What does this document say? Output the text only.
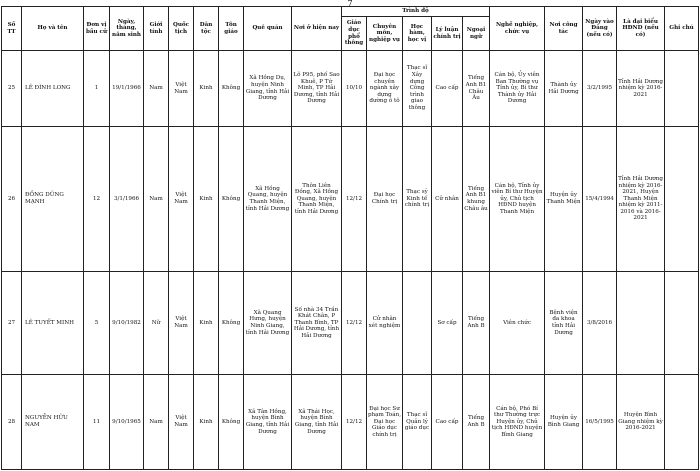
7
Số TT	Họ và tên	Đơn vị bầu cử	Ngày, tháng, năm sinh	Giới tính	Quốc tịch	Dân tộc	Tôn giáo	Quê quán	Nơi ở hiện nay	Trình độ					Nghề nghiệp, chức vụ	Nơi công tác	Ngày vào Đảng (nếu có)	Là đại biểu HĐND (nếu có)	Ghi chú
										Giáo dục phổ thông	Chuyên môn, nghiệp vụ	Học hàm, học vị	Lý luận chính trị	Ngoại ngữ					
25	LÊ ĐÌNH LONG	1	19/1/1966	Nam	Việt Nam	Kinh	Không	Xã Hồng Dụ, huyện Ninh Giang, tỉnh Hải Dương	Lô P95, phố Sao Khuê, P Tứ Minh, TP Hải Dương, tỉnh Hải Dương	10/10	Đại học chuyên ngành xây dựng đường ô tô	Thạc sĩ Xây dựng Công trình giao thông	Cao cấp	Tiếng Anh B1 Châu Âu	Cán bộ, Ủy viên Ban Thường vụ Tỉnh ủy, Bí thư Thành ủy Hải Dương	Thành ủy Hải Dương	3/2/1995	Tỉnh Hải Dương nhiệm kỳ 2016-2021	
26	ĐỒNG DŨNG MẠNH	12	3/1/1966	Nam	Việt Nam	Kinh	Không	Xã Hồng Quang, huyện Thanh Miện, tỉnh Hải Dương	Thôn Liên Đồng, Xã Hồng Quang, huyện Thanh Miện, tỉnh Hải Dương	12/12	Đại học Chính trị	Thạc sỹ Kinh tế chính trị	Cử nhân	Tiếng Anh B1 khung Châu âu	Cán bộ, Tỉnh ủy viên Bí thư Huyện ủy, Chủ tịch HĐND huyện Thanh Miện	Huyện ủy Thanh Miện	15/4/1994	Tỉnh Hải Dương nhiệm kỳ 2016-2021, Huyện Thanh Miện nhiệm kỳ 2011-2016 và 2016-2021	
27	LÊ TUYẾT MINH	5	9/10/1982	Nữ	Việt Nam	Kinh	Không	Xã Quang Hưng, huyện Ninh Giang, tỉnh Hải Dương	Số nhà 34 Trần Khát Chân, P Thanh Bình, TP Hải Dương, tỉnh Hải Dương	12/12	Cử nhân xét nghiệm		Sơ cấp	Tiếng Anh B	Viên chức	Bệnh viện đa khoa tỉnh Hải Dương	3/8/2016		
28	NGUYỄN HỮU NAM	11	9/10/1965	Nam	Việt Nam	Kinh	Không	Xã Tân Hồng, huyện Bình Giang, tỉnh Hải Dương	Xã Thái Học, huyện Bình Giang, tỉnh Hải Dương	12/12	Đại học Sư phạm Toán, Đại học Giáo dục chính trị	Thạc sĩ Quản lý giáo dục	Cao cấp	Tiếng Anh B	Cán bộ, Phó Bí thư Thường trực Huyện ủy, Chủ tịch HĐND huyện Bình Giang	Huyện ủy Bình Giang	16/5/1995	Huyện Bình Giang nhiệm kỳ 2016-2021	
